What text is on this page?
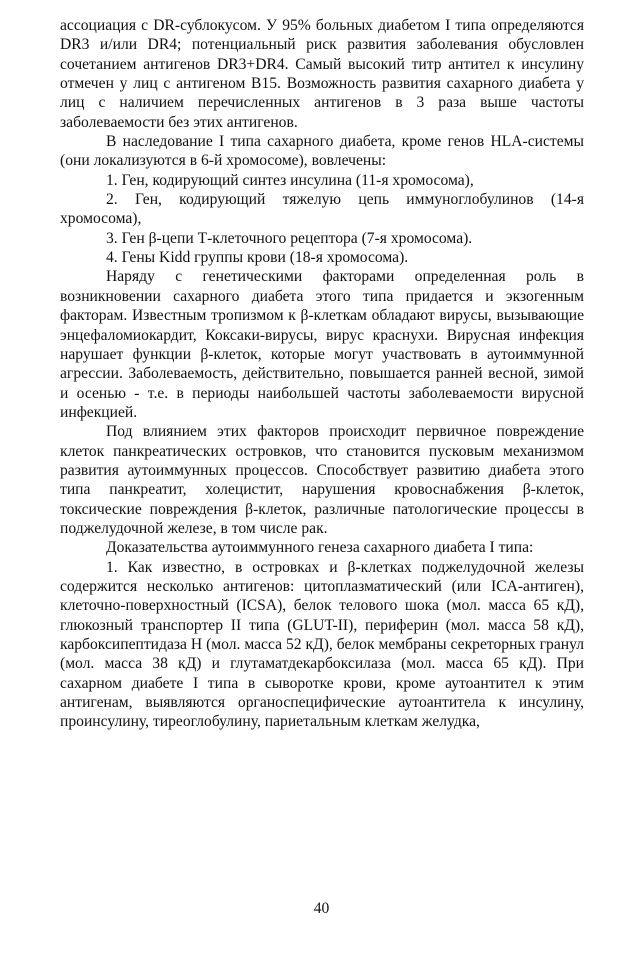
ассоциация с DR-сублокусом. У 95% больных диабетом I типа определяются DR3 и/или DR4; потенциальный риск развития заболевания обусловлен сочетанием антигенов DR3+DR4. Самый высокий титр антител к инсулину отмечен у лиц с антигеном B15. Возможность развития сахарного диабета у лиц с наличием перечисленных антигенов в 3 раза выше частоты заболеваемости без этих антигенов.

В наследование I типа сахарного диабета, кроме генов HLA-системы (они локализуются в 6-й хромосоме), вовлечены:

1. Ген, кодирующий синтез инсулина (11-я хромосома),

2. Ген, кодирующий тяжелую цепь иммуноглобулинов (14-я хромосома),

3. Ген β-цепи Т-клеточного рецептора (7-я хромосома).

4. Гены Kidd группы крови (18-я хромосома).

Наряду с генетическими факторами определенная роль в возникновении сахарного диабета этого типа придается и экзогенным факторам. Известным тропизмом к β-клеткам обладают вирусы, вызывающие энцефаломиокардит, Коксаки-вирусы, вирус краснухи. Вирусная инфекция нарушает функции β-клеток, которые могут участвовать в аутоиммунной агрессии. Заболеваемость, действительно, повышается ранней весной, зимой и осенью - т.е. в периоды наибольшей частоты заболеваемости вирусной инфекцией.

Под влиянием этих факторов происходит первичное повреждение клеток панкреатических островков, что становится пусковым механизмом развития аутоиммунных процессов. Способствует развитию диабета этого типа панкреатит, холецистит, нарушения кровоснабжения β-клеток, токсические повреждения β-клеток, различные патологические процессы в поджелудочной железе, в том числе рак.

Доказательства аутоиммунного генеза сахарного диабета I типа:

1. Как известно, в островках и β-клетках поджелудочной железы содержится несколько антигенов: цитоплазматический (или ICA-антиген), клеточно-поверхностный (ICSA), белок телового шока (мол. масса 65 кД), глюкозный транспортер II типа (GLUT-II), периферин (мол. масса 58 кД), карбоксипептидаза Н (мол. масса 52 кД), белок мембраны секреторных гранул (мол. масса 38 кД) и глутаматдекарбоксилаза (мол. масса 65 кД). При сахарном диабете I типа в сыворотке крови, кроме аутоантител к этим антигенам, выявляются органоспецифические аутоантитела к инсулину, проинсулину, тиреоглобулину, париетальным клеткам желудка,

40
